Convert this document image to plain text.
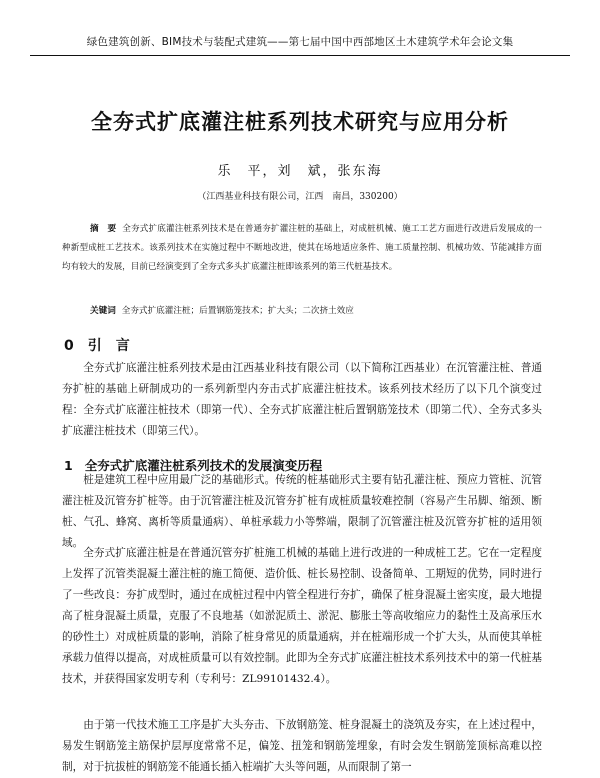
绿色建筑创新、BIM技术与装配式建筑——第七届中国中西部地区土木建筑学术年会论文集
全夯式扩底灌注桩系列技术研究与应用分析
乐　平，刘　斌，张东海
（江西基业科技有限公司，江西　南昌，330200）
摘　要 全夯式扩底灌注桩系列技术是在普通夯扩灌注桩的基础上，对成桩机械、施工工艺方面进行改进后发展成的一种新型成桩工艺技术。该系列技术在实施过程中不断地改进，使其在场地适应条件、施工质量控制、机械功效、节能减排方面均有较大的发展，目前已经演变到了全夯式多头扩底灌注桩即该系列的第三代桩基技术。
关键词 全夯式扩底灌注桩；后置钢筋笼技术；扩大头；二次挤土效应
0 引　言
全夯式扩底灌注桩系列技术是由江西基业科技有限公司（以下简称江西基业）在沉管灌注桩、普通夯扩桩的基础上研制成功的一系列新型内夯击式扩底灌注桩技术。该系列技术经历了以下几个演变过程：全夯式扩底灌注桩技术（即第一代）、全夯式扩底灌注桩后置钢筋笼技术（即第二代）、全夯式多头扩底灌注桩技术（即第三代）。
1 全夯式扩底灌注桩系列技术的发展演变历程
桩是建筑工程中应用最广泛的基础形式。传统的桩基础形式主要有钻孔灌注桩、预应力管桩、沉管灌注桩及沉管夯扩桩等。由于沉管灌注桩及沉管夯扩桩有成桩质量较难控制（容易产生吊脚、缩颈、断桩、气孔、蜂窝、离析等质量通病）、单桩承载力小等弊端，限制了沉管灌注桩及沉管夯扩桩的适用领域。
全夯式扩底灌注桩是在普通沉管夯扩桩施工机械的基础上进行改进的一种成桩工艺。它在一定程度上发挥了沉管类混凝土灌注桩的施工简便、造价低、桩长易控制、设备简单、工期短的优势，同时进行了一些改良：夯扩成型时，通过在成桩过程中内管全程进行夯扩，确保了桩身混凝土密实度，最大地提高了桩身混凝土质量，克服了不良地基（如淤泥质土、淤泥、膨胀土等高收缩应力的黏性土及高承压水的砂性土）对成桩质量的影响，消除了桩身常见的质量通病，并在桩端形成一个扩大头，从而使其单桩承载力值得以提高，对成桩质量可以有效控制。此即为全夯式扩底灌注桩技术系列技术中的第一代桩基技术，并获得国家发明专利（专利号：ZL99101432.4）。
由于第一代技术施工工序是扩大头夯击、下放钢筋笼、桩身混凝土的浇筑及夯实，在上述过程中，易发生钢筋笼主筋保护层厚度常常不足，偏笼、扭笼和钢筋笼埋象，有时会发生钢筋笼顶标高难以控制，对于抗拔桩的钢筋笼不能通长插入桩端扩大头等问题，从而限制了第一
